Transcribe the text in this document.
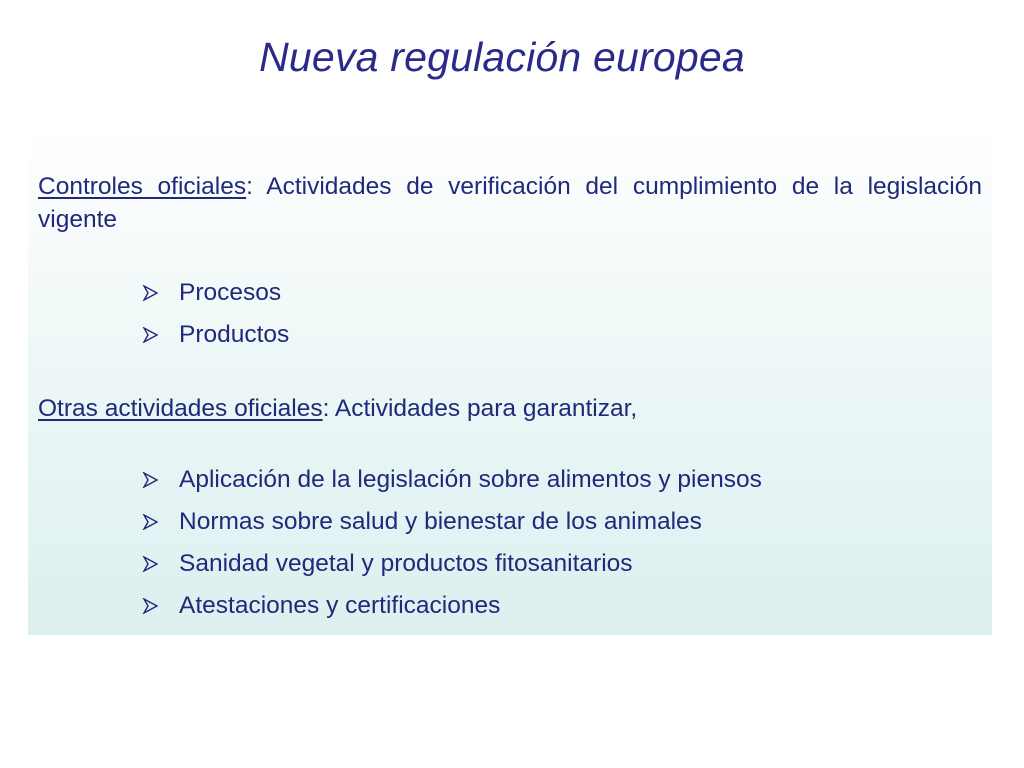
Nueva regulación europea

Controles oficiales: Actividades de verificación del cumplimiento de la legislación vigente

Procesos
Productos

Otras actividades oficiales: Actividades para garantizar,

Aplicación de la legislación sobre alimentos y piensos
Normas sobre salud y bienestar de los animales
Sanidad vegetal y productos fitosanitarios
Atestaciones y certificaciones
